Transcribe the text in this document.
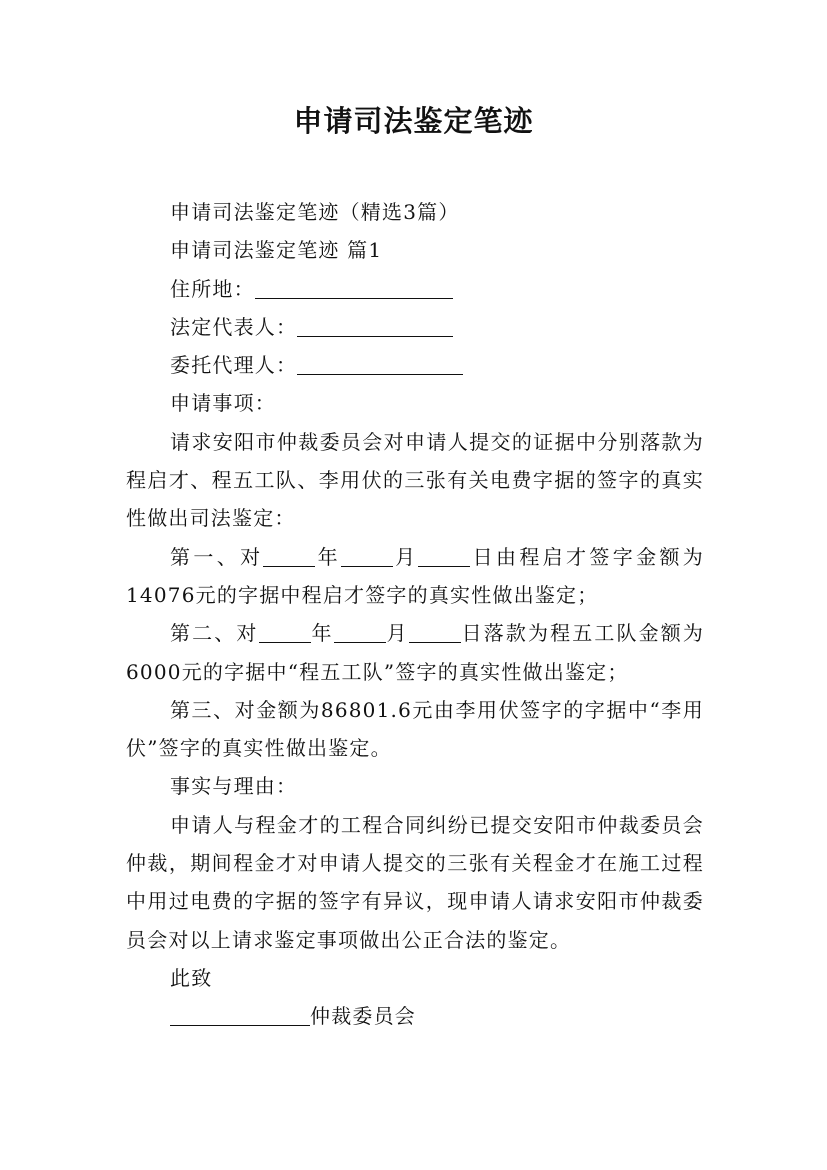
申请司法鉴定笔迹

申请司法鉴定笔迹（精选3篇）

申请司法鉴定笔迹 篇1

住所地：

法定代表人：

委托代理人：

申请事项：

请求安阳市仲裁委员会对申请人提交的证据中分别落款为程启才、程五工队、李用伏的三张有关电费字据的签字的真实性做出司法鉴定：

第一、对	年	月	日由程启才签字金额为14076元的字据中程启才签字的真实性做出鉴定；

第二、对	年	月	日落款为程五工队金额为6000元的字据中“程五工队”签字的真实性做出鉴定；

第三、对金额为86801.6元由李用伏签字的字据中“李用伏”签字的真实性做出鉴定。

事实与理由：

申请人与程金才的工程合同纠纷已提交安阳市仲裁委员会仲裁，期间程金才对申请人提交的三张有关程金才在施工过程中用过电费的字据的签字有异议，现申请人请求安阳市仲裁委员会对以上请求鉴定事项做出公正合法的鉴定。

此致

仲裁委员会
